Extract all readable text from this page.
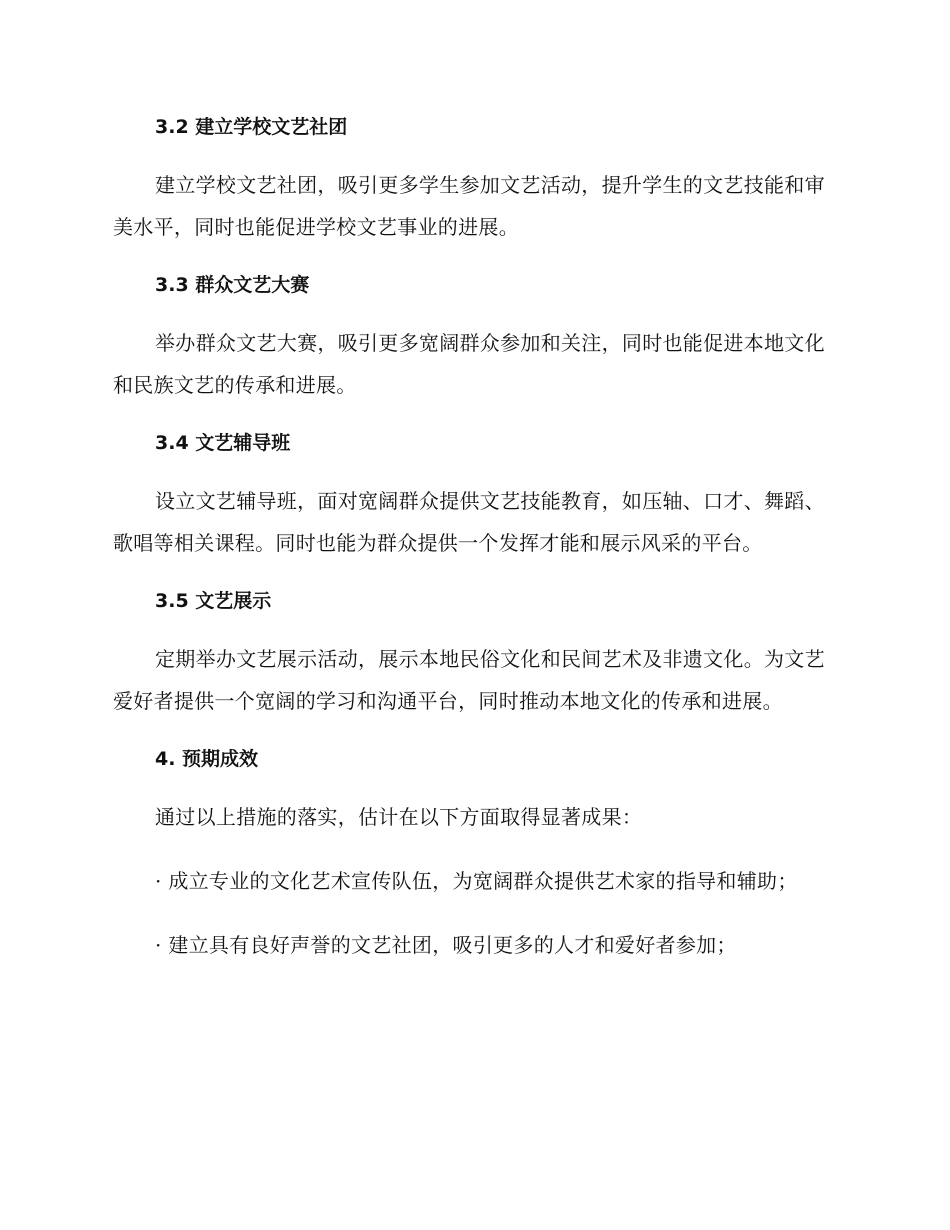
3.2 建立学校文艺社团
建立学校文艺社团，吸引更多学生参加文艺活动，提升学生的文艺技能和审美水平，同时也能促进学校文艺事业的进展。
3.3 群众文艺大赛
举办群众文艺大赛，吸引更多宽阔群众参加和关注，同时也能促进本地文化和民族文艺的传承和进展。
3.4 文艺辅导班
设立文艺辅导班，面对宽阔群众提供文艺技能教育，如压轴、口才、舞蹈、歌唱等相关课程。同时也能为群众提供一个发挥才能和展示风采的平台。
3.5 文艺展示
定期举办文艺展示活动，展示本地民俗文化和民间艺术及非遗文化。为文艺爱好者提供一个宽阔的学习和沟通平台，同时推动本地文化的传承和进展。
4. 预期成效
通过以上措施的落实，估计在以下方面取得显著成果：
· 成立专业的文化艺术宣传队伍，为宽阔群众提供艺术家的指导和辅助；
· 建立具有良好声誉的文艺社团，吸引更多的人才和爱好者参加；
